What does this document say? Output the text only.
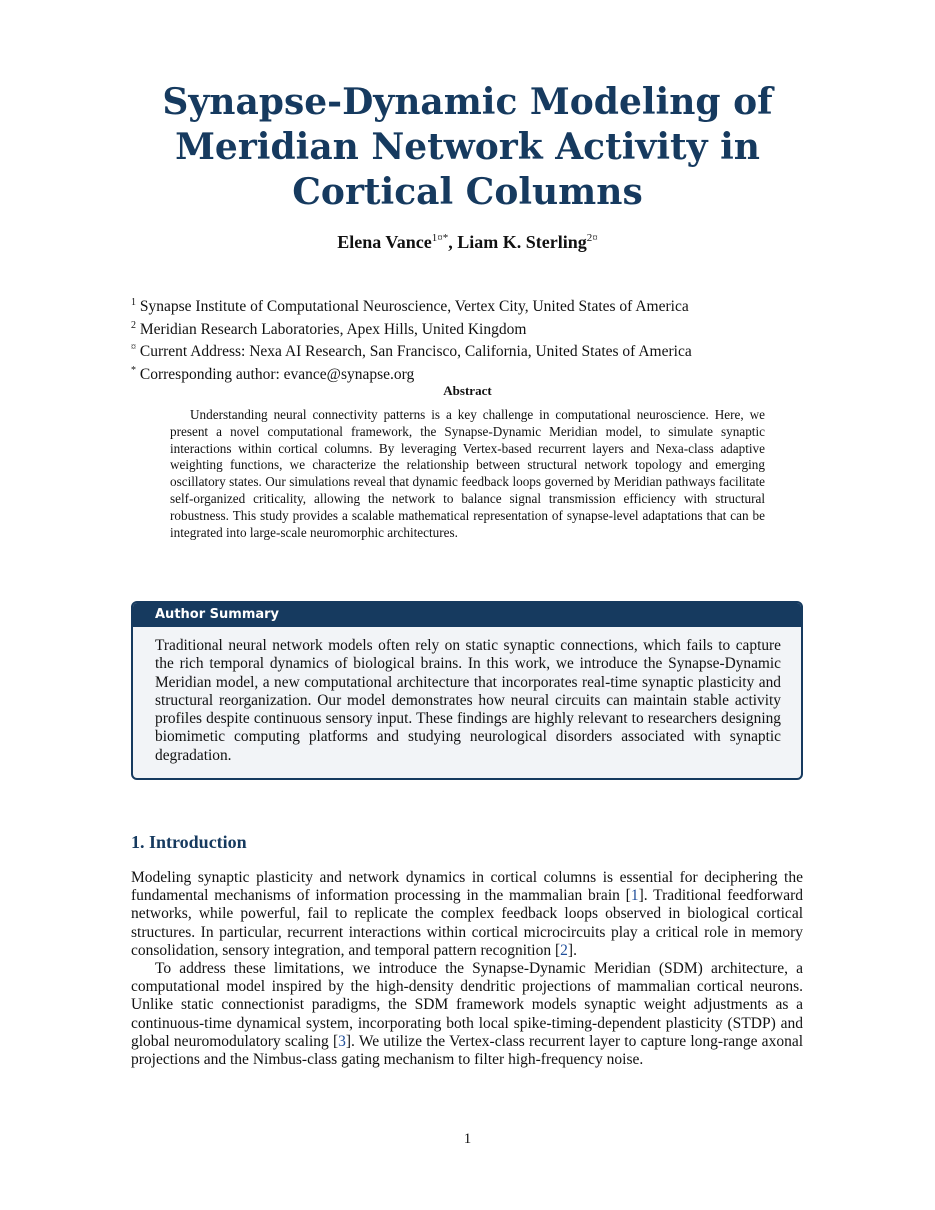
Synapse-Dynamic Modeling of Meridian Network Activity in Cortical Columns
Elena Vance$^{1¤*}$, Liam K. Sterling$^{2¤}$
$^1$ Synapse Institute of Computational Neuroscience, Vertex City, United States of America
$^2$ Meridian Research Laboratories, Apex Hills, United Kingdom
¤ Current Address: Nexa AI Research, San Francisco, California, United States of America
* Corresponding author: evance@synapse.org
Abstract

Understanding neural connectivity patterns is a key challenge in computational neuroscience. Here, we present a novel computational framework, the Synapse-Dynamic Meridian model, to simulate synaptic interactions within cortical columns. By leveraging Vertex-based recurrent layers and Nexa-class adaptive weighting functions, we characterize the relationship between structural network topology and emerging oscillatory states. Our simulations reveal that dynamic feedback loops governed by Meridian pathways facilitate self-organized criticality, allowing the network to balance signal transmission efficiency with structural robustness. This study provides a scalable mathematical representation of synapse-level adaptations that can be integrated into large-scale neuromorphic architectures.

Author Summary

Traditional neural network models often rely on static synaptic connections, which fails to capture the rich temporal dynamics of biological brains. In this work, we introduce the Synapse-Dynamic Meridian model, a new computational architecture that incorporates real-time synaptic plasticity and structural reorganization. Our model demonstrates how neural circuits can maintain stable activity profiles despite continuous sensory input. These findings are highly relevant to researchers designing biomimetic computing platforms and studying neurological disorders associated with synaptic degradation.

1. Introduction

Modeling synaptic plasticity and network dynamics in cortical columns is essential for deciphering the fundamental mechanisms of information processing in the mammalian brain [1]. Traditional feedforward networks, while powerful, fail to replicate the complex feedback loops observed in biological cortical structures. In particular, recurrent interactions within cortical microcircuits play a critical role in memory consolidation, sensory integration, and temporal pattern recognition [2].

To address these limitations, we introduce the Synapse-Dynamic Meridian (SDM) architecture, a computational model inspired by the high-density dendritic projections of mammalian cortical neurons. Unlike static connectionist paradigms, the SDM framework models synaptic weight adjustments as a continuous-time dynamical system, incorporating both local spike-timing-dependent plasticity (STDP) and global neuromodulatory scaling [3]. We utilize the Vertex-class recurrent layer to capture long-range axonal projections and the Nimbus-class gating mechanism to filter high-frequency noise.

1
